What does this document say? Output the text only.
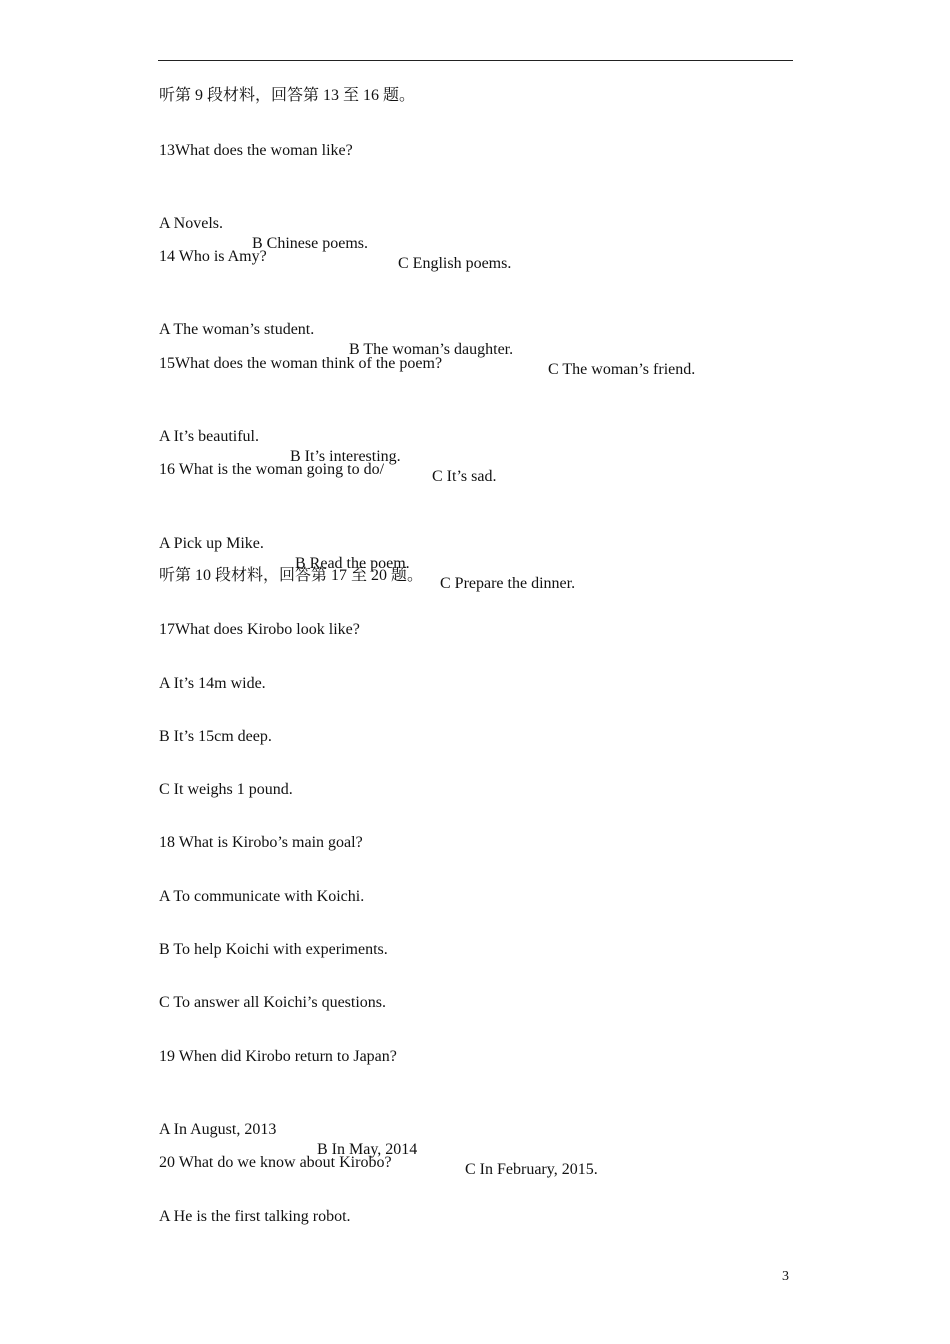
听第 9 段材料，回答第 13 至 16 题。
13What does the woman like?

A Novels.

B Chinese poems.

C English poems.

14 Who is Amy?

A The woman’s student.

B The woman’s daughter.

C The woman’s friend.

15What does the woman think of the poem?

A It’s beautiful.

B It’s interesting.

C It’s sad.

16 What is the woman going to do/

A Pick up Mike.

B Read the poem.

C Prepare the dinner.

听第 10 段材料，回答第 17 至 20 题。
17What does Kirobo look like?
A It’s 14m wide.
B It’s 15cm deep.
C It weighs 1 pound.
18 What is Kirobo’s main goal?
A To communicate with Koichi.
B To help Koichi with experiments.
C To answer all Koichi’s questions.
19 When did Kirobo return to Japan?

A In August, 2013

B In May, 2014

C In February, 2015.

20 What do we know about Kirobo?
A He is the first talking robot.
3
